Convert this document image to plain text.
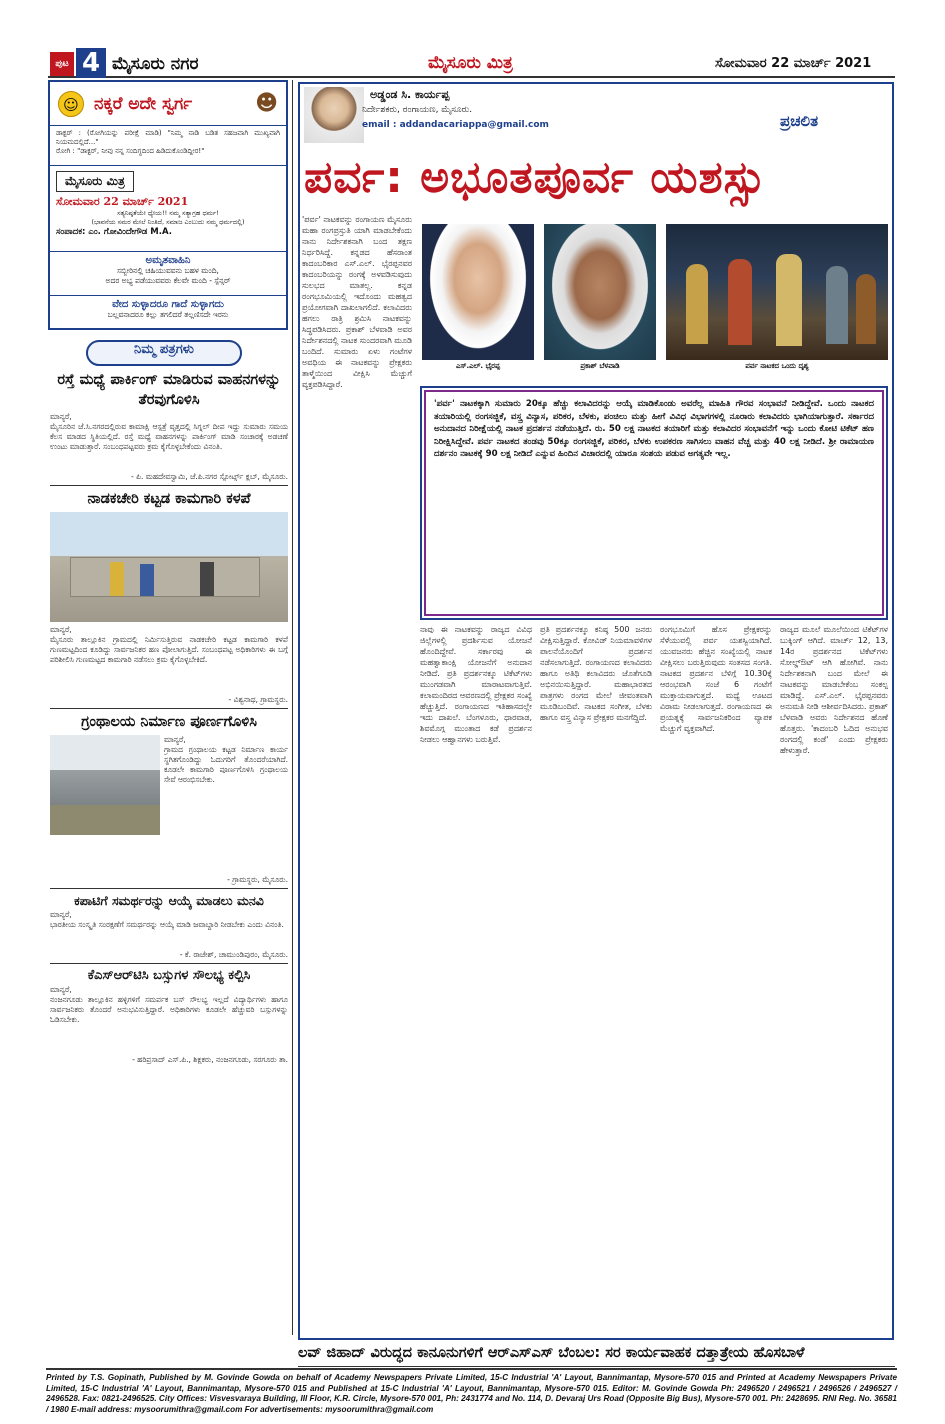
ಪುಟ 4 ಮೈಸೂರು ನಗರ	ಮೈಸೂರು ಮಿತ್ರ	ಸೋಮವಾರ 22 ಮಾರ್ಚ್ 2021
☺ ನಕ್ಕರೆ ಅದೇ ಸ್ವರ್ಗ	☻
ಡಾಕ್ಟರ್ : (ರೋಗಿಯನ್ನು ಪರೀಕ್ಷೆ ಮಾಡಿ) "ನಿಮ್ಮ ನಾಡಿ ಬಡಿತ ಸಹಜವಾಗಿ ಮುಖ್ಯವಾಗಿ ನಿಯಮದಲ್ಲಿದೆ..."
ರೋಗಿ : "ಡಾಕ್ಟರ್, ನೀವು ನನ್ನ ಸಂದಿಗ್ಧದಿಂದ ಹಿಡಿದುಕೊಂಡಿದ್ದೀರ!"
ಮೈಸೂರು ಮಿತ್ರ
ಸೋಮವಾರ 22 ಮಾರ್ಚ್ 2021
ಸತ್ಯನಿಷ್ಠತೆಯೇ ಧ್ಯೇಯ!! ನಮ್ಮ ಸತ್ಯಾಗ್ರಹ ಧರ್ಮ!
(ಭಾವನೆಯ ಸಮರ ಮೇಲೆ ನಿಂತಿದೆ, ಸಮಾಜ ಎಂಬುದು ನಮ್ಮ ಧರ್ಮದಲ್ಲಿ)
ಸಂಪಾದಕ: ಎಂ. ಗೋವಿಂದೇಗೌಡ M.A.
ಅಮೃತವಾಹಿನಿ
ಸಬ್ಬೀರಿನಲ್ಲಿ ಚಹಿಯುವವನು ಬಹಳ ಮಂದಿ,
ಅದರ ಅಭ್ಯ ಪಡೆಯುವವರು ಕೆಲವೇ ಮಂದಿ - ಸ್ಪೆನ್ಸರ್
ವೇದ ಸುಳ್ಳಾದರೂ ಗಾದೆ ಸುಳ್ಳಾಗದು
ಬಲ್ಲವನಾದರೂ ಕಲ್ಲು ತಗಲಿದರೆ ತಲ್ಲಣಿಸದೇ ಇರನು
ನಿಮ್ಮ ಪತ್ರಗಳು
ರಸ್ತೆ ಮಧ್ಯೆ ಪಾರ್ಕಿಂಗ್ ಮಾಡಿರುವ ವಾಹನಗಳನ್ನು ತೆರವುಗೊಳಿಸಿ
ಮಾನ್ಯರೆ,
ಮೈಸೂರಿನ ಜೆ.ಸಿ.ನಗರದಲ್ಲಿರುವ ಕಾಮಾಕ್ಷಿ ಆಸ್ಪತ್ರೆ ವೃತ್ತದಲ್ಲಿ ಸಿಗ್ನಲ್ ದೀಪ ಇದ್ದು ಸುಮಾರು ಸಮಯ ಕೆಲಸ ಮಾಡದ ಸ್ಥಿತಿಯಲ್ಲಿದೆ. ರಸ್ತೆ ಮಧ್ಯೆ ವಾಹನಗಳನ್ನು ಪಾರ್ಕಿಂಗ್ ಮಾಡಿ ಸಂಚಾರಕ್ಕೆ ಅಡಚಣೆ ಉಂಟು ಮಾಡುತ್ತಾರೆ. ಸಂಬಂಧಪಟ್ಟವರು ಕ್ರಮ ಕೈಗೊಳ್ಳಬೇಕೆಂದು ವಿನಂತಿ.
- ಪಿ. ಮಹದೇವಸ್ವಾಮಿ, ಜೆ.ಪಿ.ನಗರ ಸ್ಪೋರ್ಟ್ಸ್ ಕ್ಲಬ್, ಮೈಸೂರು.
ನಾಡಕಚೇರಿ ಕಟ್ಟಡ ಕಾಮಗಾರಿ ಕಳಪೆ
ಮಾನ್ಯರೆ,
ಮೈಸೂರು ತಾಲ್ಲೂಕಿನ ಗ್ರಾಮದಲ್ಲಿ ನಿರ್ಮಿಸುತ್ತಿರುವ ನಾಡಕಚೇರಿ ಕಟ್ಟಡ ಕಾಮಗಾರಿ ಕಳಪೆ ಗುಣಮಟ್ಟದಿಂದ ಕೂಡಿದ್ದು ಸಾರ್ವಜನಿಕರ ಹಣ ಪೋಲಾಗುತ್ತಿದೆ. ಸಂಬಂಧಪಟ್ಟ ಅಧಿಕಾರಿಗಳು ಈ ಬಗ್ಗೆ ಪರಿಶೀಲಿಸಿ ಗುಣಮಟ್ಟದ ಕಾಮಗಾರಿ ನಡೆಸಲು ಕ್ರಮ ಕೈಗೊಳ್ಳಬೇಕಿದೆ.
- ವಿಶ್ವನಾಥ, ಗ್ರಾಮಸ್ಥರು.
ಗ್ರಂಥಾಲಯ ನಿರ್ಮಾಣ ಪೂರ್ಣಗೊಳಿಸಿ
ಮಾನ್ಯರೆ,
ಗ್ರಾಮದ ಗ್ರಂಥಾಲಯ ಕಟ್ಟಡ ನಿರ್ಮಾಣ ಕಾರ್ಯ ಸ್ಥಗಿತಗೊಂಡಿದ್ದು ಓದುಗರಿಗೆ ತೊಂದರೆಯಾಗಿದೆ. ಕೂಡಲೇ ಕಾಮಗಾರಿ ಪೂರ್ಣಗೊಳಿಸಿ ಗ್ರಂಥಾಲಯ ಸೇವೆ ಆರಂಭಿಸಬೇಕು.
- ಗ್ರಾಮಸ್ಥರು, ಮೈಸೂರು.
ಕಪಾಟಿಗೆ ಸಮರ್ಥರನ್ನು ಆಯ್ಕೆ ಮಾಡಲು ಮನವಿ
ಮಾನ್ಯರೆ,
ಭಾರತೀಯ ಸಂಸ್ಕೃತಿ ಸಂರಕ್ಷಣೆಗೆ ಸಮರ್ಥರನ್ನು ಆಯ್ಕೆ ಮಾಡಿ ಜವಾಬ್ದಾರಿ ನೀಡಬೇಕು ಎಂದು ವಿನಂತಿ.
- ಕೆ. ರಾಜೇಶ್, ಚಾಮುಂಡಿಪುರಂ, ಮೈಸೂರು.
ಕೆಎಸ್‌ಆರ್‌ಟಿಸಿ ಬಸ್ಸುಗಳ ಸೌಲಭ್ಯ ಕಲ್ಪಿಸಿ
ಮಾನ್ಯರೆ,
ನಂಜನಗೂಡು ತಾಲ್ಲೂಕಿನ ಹಳ್ಳಿಗಳಿಗೆ ಸಮರ್ಪಕ ಬಸ್ ಸೌಲಭ್ಯ ಇಲ್ಲದೆ ವಿದ್ಯಾರ್ಥಿಗಳು ಹಾಗೂ ಸಾರ್ವಜನಿಕರು ತೊಂದರೆ ಅನುಭವಿಸುತ್ತಿದ್ದಾರೆ. ಅಧಿಕಾರಿಗಳು ಕೂಡಲೇ ಹೆಚ್ಚುವರಿ ಬಸ್ಸುಗಳನ್ನು ಓಡಿಸಬೇಕು.
- ಹರಿಪ್ರಸಾದ್ ಎಸ್.ಪಿ., ಶಿಕ್ಷಕರು, ನಂಜನಗೂಡು, ಸರಗೂರು ತಾ.
ಅಡ್ಡಂಡ ಸಿ. ಕಾರ್ಯಪ್ಪ
ನಿರ್ದೇಶಕರು, ರಂಗಾಯಣ, ಮೈಸೂರು.
email : addandacariappa@gmail.com	ಪ್ರಚಲಿತ
ಪರ್ವ: ಅಭೂತಪೂರ್ವ ಯಶಸ್ಸು
ಎಸ್.ಎಲ್. ಭೈರಪ್ಪ	ಪ್ರಕಾಶ್ ಬೆಳವಾಡಿ	ಪರ್ವ ನಾಟಕದ ಒಂದು ದೃಶ್ಯ
'ಪರ್ವ' ನಾಟಕವನ್ನು ರಂಗಾಯಣ ಮೈಸೂರು ಮಹಾ ರಂಗಪ್ರಸ್ತುತಿ ಯಾಗಿ ಮಾಡಬೇಕೆಂದು ನಾನು ನಿರ್ದೇಶಕನಾಗಿ ಬಂದ ತಕ್ಷಣ ನಿರ್ಧರಿಸಿದ್ದೆ. ಕನ್ನಡದ ಹೆಸರಾಂತ ಕಾದಂಬರಿಕಾರ ಎಸ್.ಎಲ್. ಭೈರಪ್ಪನವರ ಕಾದಂಬರಿಯನ್ನು ರಂಗಕ್ಕೆ ಅಳವಡಿಸುವುದು ಸುಲಭದ ಮಾತಲ್ಲ. ಕನ್ನಡ ರಂಗಭೂಮಿಯಲ್ಲಿ ಇದೊಂದು ಮಹತ್ವದ ಪ್ರಯೋಗವಾಗಿ ದಾಖಲಾಗಲಿದೆ. ಕಲಾವಿದರು ಹಗಲು ರಾತ್ರಿ ಶ್ರಮಿಸಿ ನಾಟಕವನ್ನು ಸಿದ್ಧಪಡಿಸಿದರು. ಪ್ರಕಾಶ್ ಬೆಳವಾಡಿ ಅವರ ನಿರ್ದೇಶನದಲ್ಲಿ ನಾಟಕ ಸುಂದರವಾಗಿ ಮೂಡಿ ಬಂದಿದೆ. ಸುಮಾರು ಏಳು ಗಂಟೆಗಳ ಅವಧಿಯ ಈ ನಾಟಕವನ್ನು ಪ್ರೇಕ್ಷಕರು ತಾಳ್ಮೆಯಿಂದ ವೀಕ್ಷಿಸಿ ಮೆಚ್ಚುಗೆ ವ್ಯಕ್ತಪಡಿಸಿದ್ದಾರೆ.
'ಪರ್ವ' ನಾಟಕಕ್ಕಾಗಿ ಸುಮಾರು 20ಕ್ಕೂ ಹೆಚ್ಚು ಕಲಾವಿದರನ್ನು ಆಯ್ಕೆ ಮಾಡಿಕೊಂಡು ಅವರೆಲ್ಲ ಮಾಹಿತಿ ಗೌರವ ಸಂಭಾವನೆ ನೀಡಿದ್ದೇವೆ. ಒಂದು ನಾಟಕದ ತಯಾರಿಯಲ್ಲಿ ರಂಗಸಜ್ಜಿಕೆ, ವಸ್ತ್ರ ವಿನ್ಯಾಸ, ಪರಿಕರ, ಬೆಳಕು, ಪಂಚಿಲು ಮತ್ತು ಹೀಗೆ ವಿವಿಧ ವಿಭಾಗಗಳಲ್ಲಿ ನೂರಾರು ಕಲಾವಿದರು ಭಾಗಿಯಾಗುತ್ತಾರೆ. ಸರ್ಕಾರದ ಅನುದಾನದ ನಿರೀಕ್ಷೆಯಲ್ಲಿ ನಾಟಕ ಪ್ರದರ್ಶನ ನಡೆಯುತ್ತಿದೆ. ರು. 50 ಲಕ್ಷ ನಾಟಕದ ತಯಾರಿಗೆ ಮತ್ತು ಕಲಾವಿದರ ಸಂಭಾವನೆಗೆ ಇನ್ನು ಒಂದು ಕೋಟಿ ಟಿಕೆಟ್ ಹಣ ನಿರೀಕ್ಷಿಸಿದ್ದೇವೆ. ಪರ್ವ ನಾಟಕದ ತಂಡವು 50ಕ್ಕೂ ರಂಗಸಜ್ಜಿಕೆ, ಪರಿಕರ, ಬೆಳಕು ಉಪಕರಣ ಸಾಗಿಸಲು ವಾಹನ ವೆಚ್ಚ ಮತ್ತು 40 ಲಕ್ಷ ನೀಡಿದೆ. ಶ್ರೀ ರಾಮಾಯಣ ದರ್ಶನಂ ನಾಟಕಕ್ಕೆ 90 ಲಕ್ಷ ನೀಡಿದೆ ಎನ್ನುವ ಹಿಂದಿನ ವಿಚಾರದಲ್ಲಿ ಯಾರೂ ಸಂಶಯ ಪಡುವ ಅಗತ್ಯವೇ ಇಲ್ಲ.
ನಾವು ಈ ನಾಟಕವನ್ನು ರಾಜ್ಯದ ವಿವಿಧ ಜಿಲ್ಲೆಗಳಲ್ಲಿ ಪ್ರದರ್ಶಿಸುವ ಯೋಜನೆ ಹೊಂದಿದ್ದೇವೆ. ಸರ್ಕಾರವು ಈ ಮಹತ್ವಾಕಾಂಕ್ಷಿ ಯೋಜನೆಗೆ ಅನುದಾನ ನೀಡಿದೆ. ಪ್ರತಿ ಪ್ರದರ್ಶನಕ್ಕೂ ಟಿಕೆಟ್‌ಗಳು ಮುಂಗಡವಾಗಿ ಮಾರಾಟವಾಗುತ್ತಿವೆ. ಕಲಾಮಂದಿರದ ಆವರಣದಲ್ಲಿ ಪ್ರೇಕ್ಷಕರ ಸಂಖ್ಯೆ ಹೆಚ್ಚುತ್ತಿದೆ. ರಂಗಾಯಣದ ಇತಿಹಾಸದಲ್ಲೇ ಇದು ದಾಖಲೆ. ಬೆಂಗಳೂರು, ಧಾರವಾಡ, ಶಿವಮೊಗ್ಗ ಮುಂತಾದ ಕಡೆ ಪ್ರದರ್ಶನ ನೀಡಲು ಆಹ್ವಾನಗಳು ಬರುತ್ತಿವೆ.
ಪ್ರತಿ ಪ್ರದರ್ಶನಕ್ಕೂ ಕನಿಷ್ಠ 500 ಜನರು ವೀಕ್ಷಿಸುತ್ತಿದ್ದಾರೆ. ಕೋವಿಡ್ ನಿಯಮಾವಳಿಗಳ ಪಾಲನೆಯೊಂದಿಗೆ ಪ್ರದರ್ಶನ ನಡೆಸಲಾಗುತ್ತಿದೆ. ರಂಗಾಯಣದ ಕಲಾವಿದರು ಹಾಗೂ ಅತಿಥಿ ಕಲಾವಿದರು ಜೊತೆಗೂಡಿ ಅಭಿನಯಿಸುತ್ತಿದ್ದಾರೆ. ಮಹಾಭಾರತದ ಪಾತ್ರಗಳು ರಂಗದ ಮೇಲೆ ಜೀವಂತವಾಗಿ ಮೂಡಿಬಂದಿವೆ. ನಾಟಕದ ಸಂಗೀತ, ಬೆಳಕು ಹಾಗೂ ವಸ್ತ್ರ ವಿನ್ಯಾಸ ಪ್ರೇಕ್ಷಕರ ಮನಗೆದ್ದಿದೆ.
ರಂಗಭೂಮಿಗೆ ಹೊಸ ಪ್ರೇಕ್ಷಕರನ್ನು ಸೆಳೆಯುವಲ್ಲಿ ಪರ್ವ ಯಶಸ್ವಿಯಾಗಿದೆ. ಯುವಜನರು ಹೆಚ್ಚಿನ ಸಂಖ್ಯೆಯಲ್ಲಿ ನಾಟಕ ವೀಕ್ಷಿಸಲು ಬರುತ್ತಿರುವುದು ಸಂತಸದ ಸಂಗತಿ. ನಾಟಕದ ಪ್ರದರ್ಶನ ಬೆಳಿಗ್ಗೆ 10.30ಕ್ಕೆ ಆರಂಭವಾಗಿ ಸಂಜೆ 6 ಗಂಟೆಗೆ ಮುಕ್ತಾಯವಾಗುತ್ತದೆ. ಮಧ್ಯೆ ಊಟದ ವಿರಾಮ ನೀಡಲಾಗುತ್ತದೆ. ರಂಗಾಯಣದ ಈ ಪ್ರಯತ್ನಕ್ಕೆ ಸಾರ್ವಜನಿಕರಿಂದ ವ್ಯಾಪಕ ಮೆಚ್ಚುಗೆ ವ್ಯಕ್ತವಾಗಿದೆ.
ರಾಜ್ಯದ ಮೂಲೆ ಮೂಲೆಯಿಂದ ಟಿಕೆಟ್‌ಗಳ ಬುಕ್ಕಿಂಗ್ ಆಗಿದೆ. ಮಾರ್ಚ್ 12, 13, 14ರ ಪ್ರದರ್ಶನದ ಟಿಕೆಟ್‌ಗಳು ಸೋಲ್ಡ್‌ಔಟ್ ಆಗಿ ಹೋಗಿವೆ. ನಾನು ನಿರ್ದೇಶಕನಾಗಿ ಬಂದ ಮೇಲೆ ಈ ನಾಟಕವನ್ನು ಮಾಡಬೇಕೆಂಬ ಸಂಕಲ್ಪ ಮಾಡಿದ್ದೆ. ಎಸ್.ಎಲ್. ಭೈರಪ್ಪನವರು ಅನುಮತಿ ನೀಡಿ ಆಶೀರ್ವದಿಸಿದರು. ಪ್ರಕಾಶ್ ಬೆಳವಾಡಿ ಅವರು ನಿರ್ದೇಶನದ ಹೊಣೆ ಹೊತ್ತರು. 'ಕಾದಂಬರಿ ಓದಿದ ಅನುಭವ ರಂಗದಲ್ಲಿ ಕಂಡೆ' ಎಂದು ಪ್ರೇಕ್ಷಕರು ಹೇಳುತ್ತಾರೆ.
ಲವ್ ಜಿಹಾದ್ ವಿರುದ್ಧದ ಕಾನೂನುಗಳಿಗೆ ಆರ್‌ಎಸ್‌ಎಸ್ ಬೆಂಬಲ: ಸರ ಕಾರ್ಯವಾಹಕ ದತ್ತಾತ್ರೇಯ ಹೊಸಬಾಳೆ
Printed by T.S. Gopinath, Published by M. Govinde Gowda on behalf of Academy Newspapers Private Limited, 15-C Industrial 'A' Layout, Bannimantap, Mysore-570 015 and Printed at Academy Newspapers Private Limited, 15-C Industrial 'A' Layout, Bannimantap, Mysore-570 015 and Published at 15-C Industrial 'A' Layout, Bannimantap, Mysore-570 015. Editor: M. Govinde Gowda Ph: 2496520 / 2496521 / 2496526 / 2496527 / 2496528. Fax: 0821-2496525. City Offices: Visvesvaraya Building, III Floor, K.R. Circle, Mysore-570 001, Ph: 2431774 and No. 114, D. Devaraj Urs Road (Opposite Big Bus), Mysore-570 001. Ph: 2428695. RNI Reg. No. 36581 / 1980 E-mail address: mysoorumithra@gmail.com For advertisements: mysoorumithra@gmail.com
